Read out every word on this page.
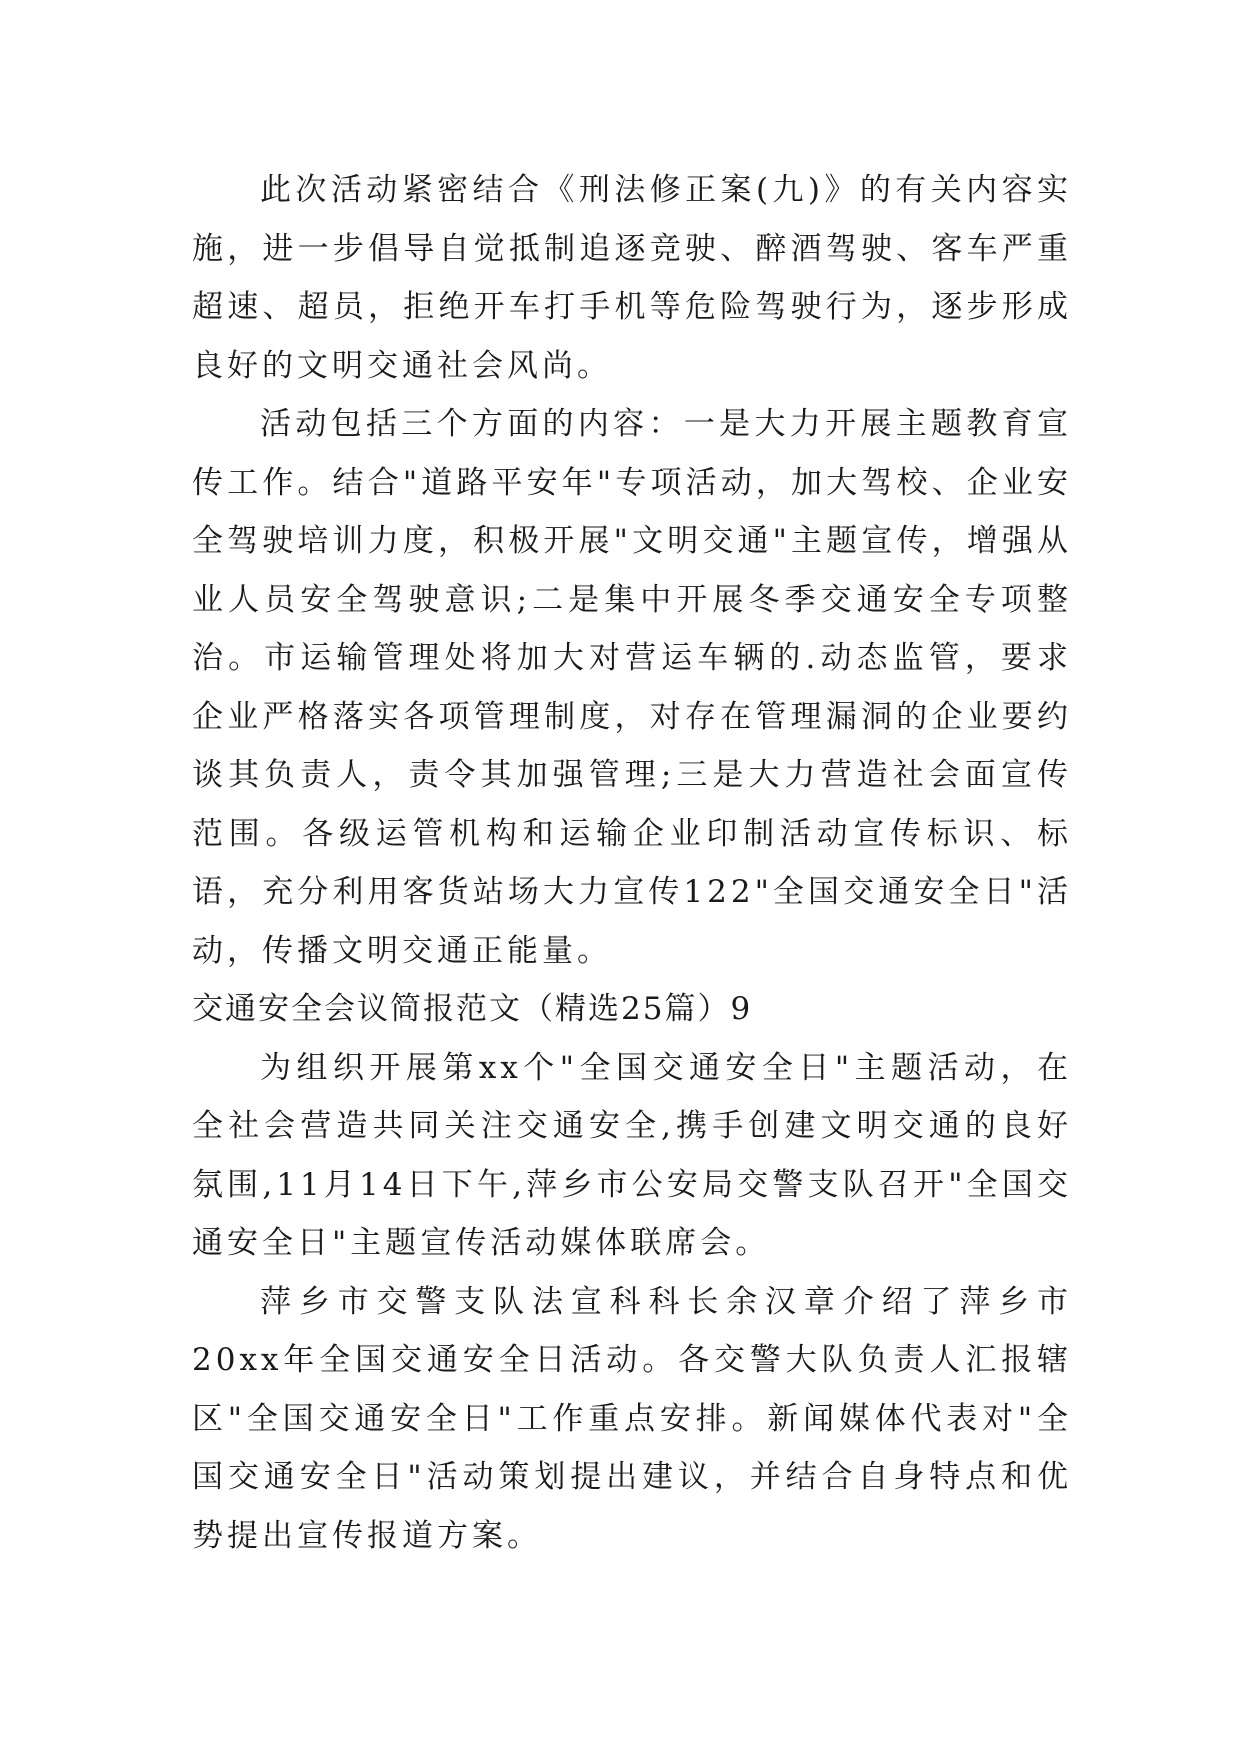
此次活动紧密结合《刑法修正案(九)》的有关内容实施，进一步倡导自觉抵制追逐竞驶、醉酒驾驶、客车严重超速、超员，拒绝开车打手机等危险驾驶行为，逐步形成良好的文明交通社会风尚。

活动包括三个方面的内容：一是大力开展主题教育宣传工作。结合"道路平安年"专项活动，加大驾校、企业安全驾驶培训力度，积极开展"文明交通"主题宣传，增强从业人员安全驾驶意识;二是集中开展冬季交通安全专项整治。市运输管理处将加大对营运车辆的.动态监管，要求企业严格落实各项管理制度，对存在管理漏洞的企业要约谈其负责人，责令其加强管理;三是大力营造社会面宣传范围。各级运管机构和运输企业印制活动宣传标识、标语，充分利用客货站场大力宣传122"全国交通安全日"活动，传播文明交通正能量。

交通安全会议简报范文（精选25篇）9

为组织开展第xx个"全国交通安全日"主题活动，在全社会营造共同关注交通安全,携手创建文明交通的良好氛围,11月14日下午,萍乡市公安局交警支队召开"全国交通安全日"主题宣传活动媒体联席会。

萍乡市交警支队法宣科科长余汉章介绍了萍乡市20xx年全国交通安全日活动。各交警大队负责人汇报辖区"全国交通安全日"工作重点安排。新闻媒体代表对"全国交通安全日"活动策划提出建议，并结合自身特点和优势提出宣传报道方案。
